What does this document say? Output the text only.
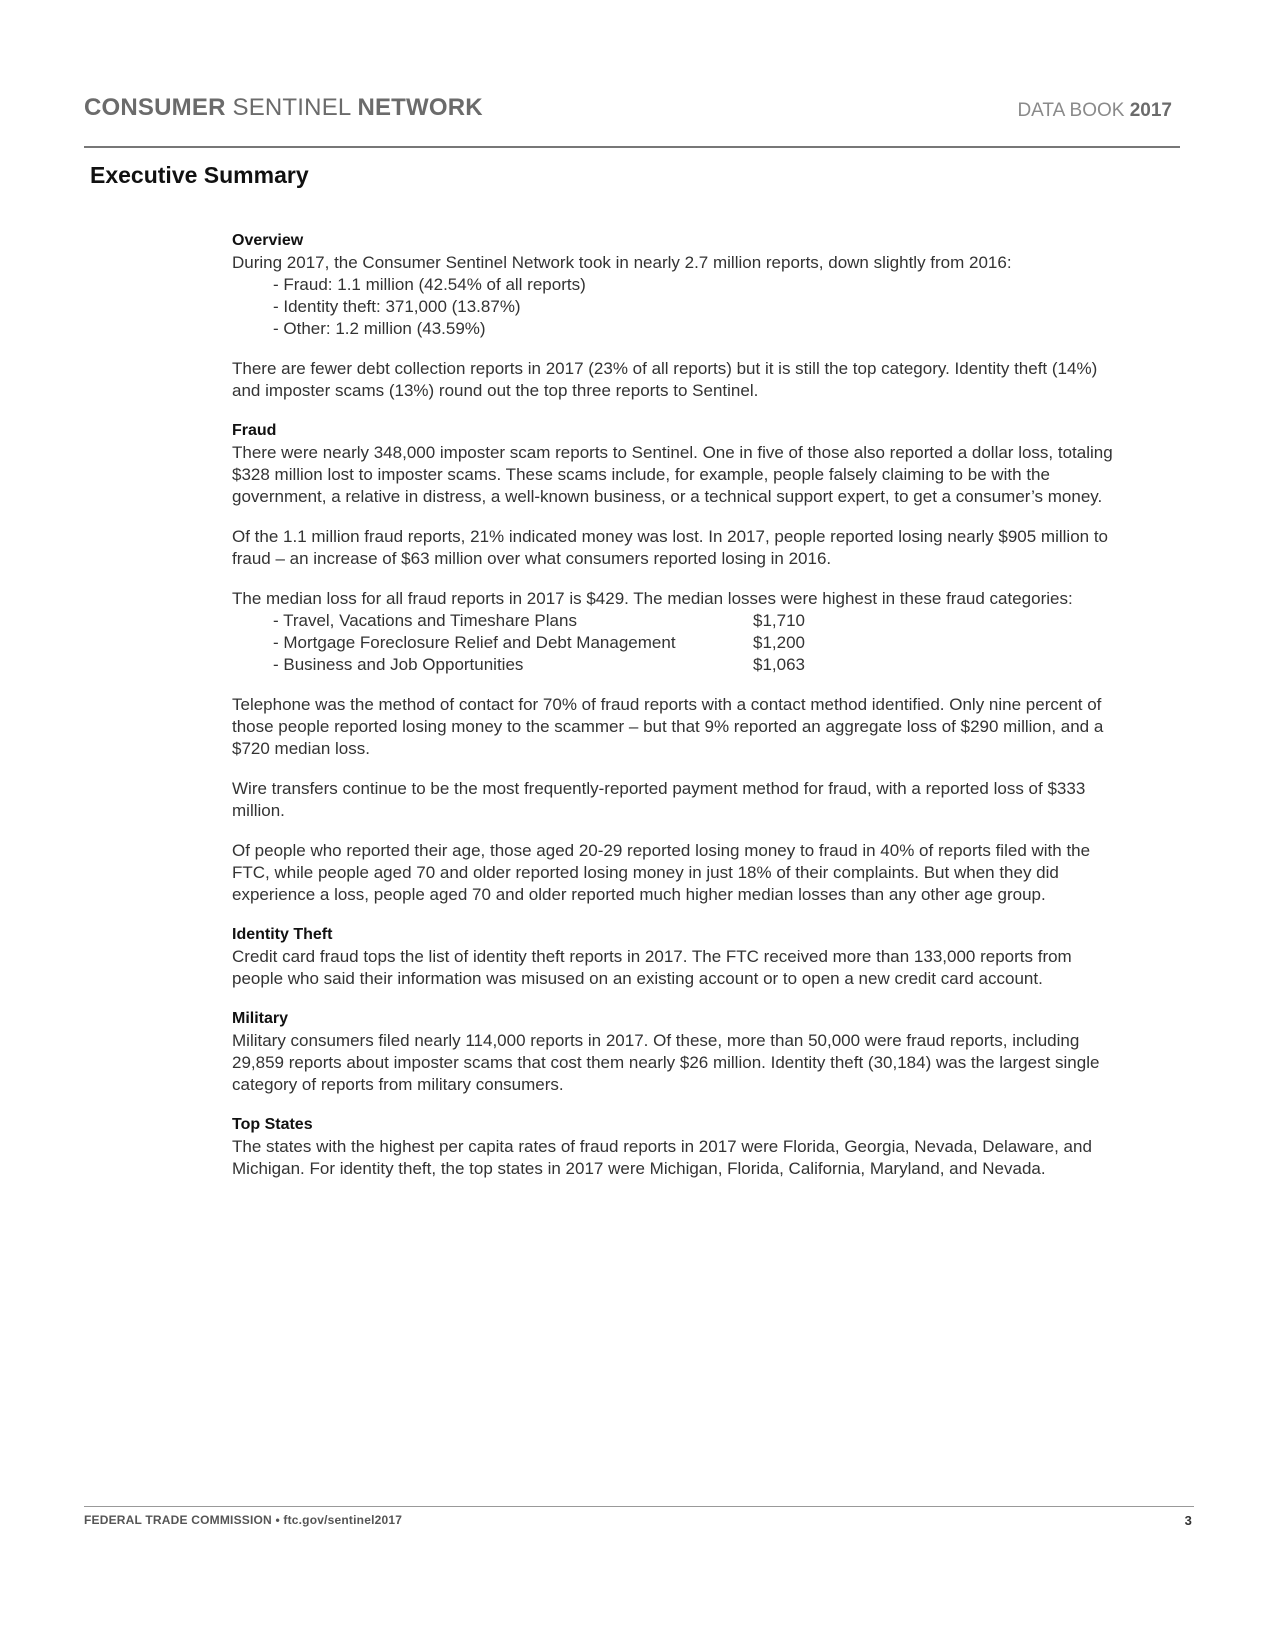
CONSUMER SENTINEL NETWORK	DATA BOOK 2017
Executive Summary
Overview

During 2017, the Consumer Sentinel Network took in nearly 2.7 million reports, down slightly from 2016:

- Fraud: 1.1 million (42.54% of all reports)
- Identity theft: 371,000 (13.87%)
- Other: 1.2 million (43.59%)

There are fewer debt collection reports in 2017 (23% of all reports) but it is still the top category. Identity theft (14%) and imposter scams (13%) round out the top three reports to Sentinel.

Fraud

There were nearly 348,000 imposter scam reports to Sentinel. One in five of those also reported a dollar loss, totaling $328 million lost to imposter scams. These scams include, for example, people falsely claiming to be with the government, a relative in distress, a well-known business, or a technical support expert, to get a consumer’s money.

Of the 1.1 million fraud reports, 21% indicated money was lost. In 2017, people reported losing nearly $905 million to fraud – an increase of $63 million over what consumers reported losing in 2016.

The median loss for all fraud reports in 2017 is $429. The median losses were highest in these fraud categories:

- Travel, Vacations and Timeshare Plans	$1,710
- Mortgage Foreclosure Relief and Debt Management	$1,200
- Business and Job Opportunities	$1,063

Telephone was the method of contact for 70% of fraud reports with a contact method identified. Only nine percent of those people reported losing money to the scammer – but that 9% reported an aggregate loss of $290 million, and a $720 median loss.

Wire transfers continue to be the most frequently-reported payment method for fraud, with a reported loss of $333 million.

Of people who reported their age, those aged 20-29 reported losing money to fraud in 40% of reports filed with the FTC, while people aged 70 and older reported losing money in just 18% of their complaints. But when they did experience a loss, people aged 70 and older reported much higher median losses than any other age group.

Identity Theft

Credit card fraud tops the list of identity theft reports in 2017. The FTC received more than 133,000 reports from people who said their information was misused on an existing account or to open a new credit card account.

Military

Military consumers filed nearly 114,000 reports in 2017. Of these, more than 50,000 were fraud reports, including 29,859 reports about imposter scams that cost them nearly $26 million. Identity theft (30,184) was the largest single category of reports from military consumers.

Top States

The states with the highest per capita rates of fraud reports in 2017 were Florida, Georgia, Nevada, Delaware, and Michigan. For identity theft, the top states in 2017 were Michigan, Florida, California, Maryland, and Nevada.

FEDERAL TRADE COMMISSION • ftc.gov/sentinel2017	3
